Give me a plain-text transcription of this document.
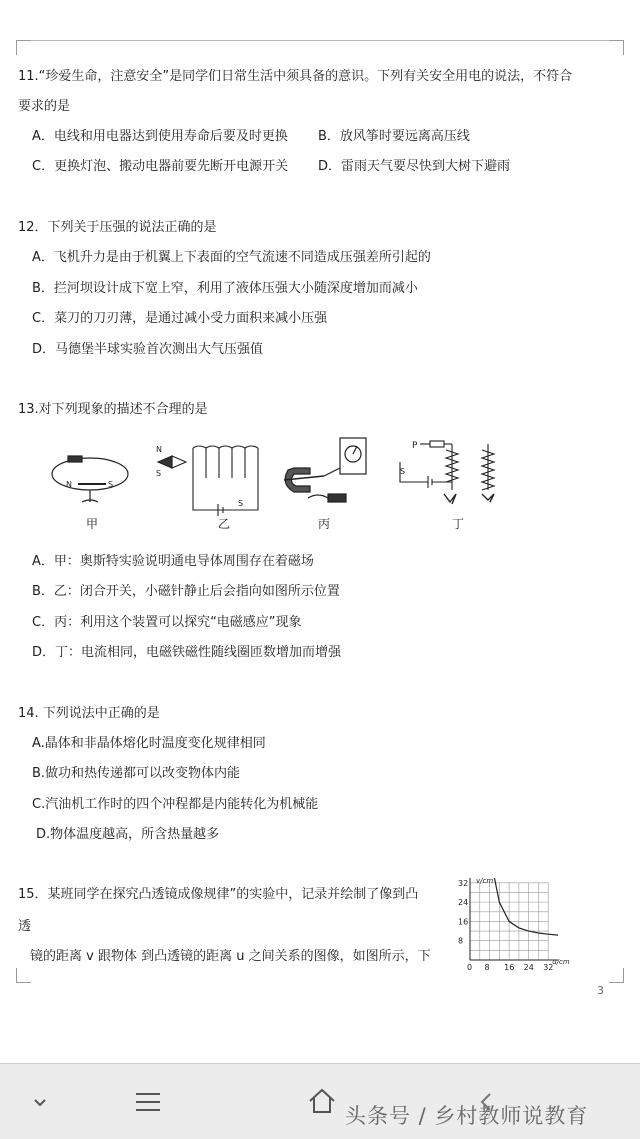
11.“珍爱生命，注意安全”是同学们日常生活中须具备的意识。下列有关安全用电的说法，不符合
要求的是
A．电线和用电器达到使用寿命后要及时更换 B．放风筝时要远离高压线
C．更换灯泡、搬动电器前要先断开电源开关 D．雷雨天气要尽快到大树下避雨
12．下列关于压强的说法正确的是
A．飞机升力是由于机翼上下表面的空气流速不同造成压强差所引起的
B．拦河坝设计成下宽上窄，利用了液体压强大小随深度增加而减小
C．菜刀的刀刃薄，是通过减小受力面积来减小压强
D．马德堡半球实验首次测出大气压强值
13.对下列现象的描述不合理的是
N	S
甲
N
S
S
乙	丙
P
S
丁
A．甲：奥斯特实验说明通电导体周围存在着磁场
B．乙：闭合开关，小磁针静止后会指向如图所示位置
C．丙：利用这个装置可以探究“电磁感应”现象
D．丁：电流相同，电磁铁磁性随线圈匝数增加而增强
14. 下列说法中正确的是
A.晶体和非晶体熔化时温度变化规律相同
B.做功和热传递都可以改变物体内能
C.汽油机工作时的四个冲程都是内能转化为机械能
D.物体温度越高，所含热量越多
15．某班同学在探究凸透镜成像规律”的实验中，记录并绘制了像到凸
透
镜的距离 v 跟物体 到凸透镜的距离 u 之间关系的图像，如图所示，下
0 8 16 24 32
8
16
24
32 v/cm
u/cm
3
头条号 / 乡村教师说教育
